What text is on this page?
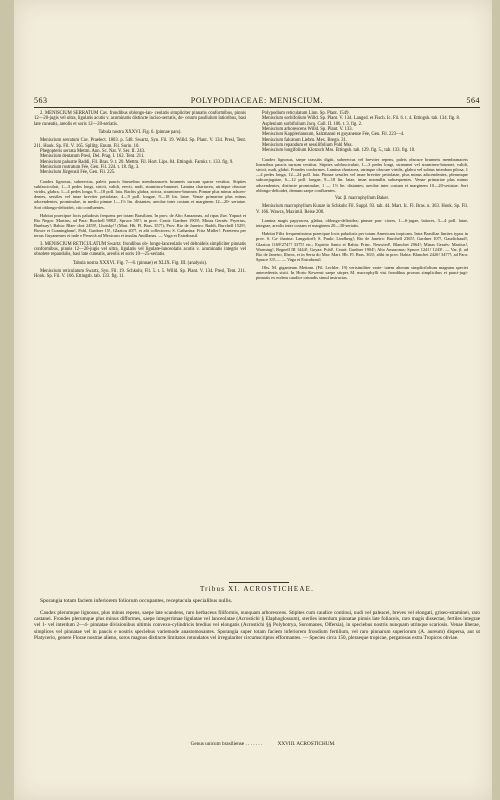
563	POLYPODIACEAE: MENISCIUM.	564

2. MENISCIUM SERRATUM Cav. frondibus oblongo-lan- ceolatis simpliciter pinnatis conformibus, pinnis 12—20-jugis vel ultra, ligulatis acutis v. acuminatis distincte inciso-serratis, de- orsum paullulum latioribus, basi late cuneatis, areolis et soris 12—20-seriatis.

Tabula nostra XXXVI. Fig. 6. (pinnae pars).

Meniscium serratum Cav. Praelect. 1803. p. 548. Swartz, Syn. Fil. 19. Willd. Sp. Plant. V. 134. Presl, Tent. 211. Hook. Sp. Fil. V. 165. Spllitg. Enum. Fil. Surin. 10.

Phegopteris serrata Mettm. Ann. Sc. Nat. V. Ser. II. 243.

Meniscium dentatum Presl, Del. Prag. I. 162. Tent. 211.

Meniscium palustre Raddi, Fil. Bras. 9. t. 20. Mettm. Fil. Hort. Lips. 84. Ettingsh. Farnkr. t. 133. fig. 9.

Meniscium rostratum Fée, Gen. Fil. 224. t. 18. fig. 3.

Meniscium Jürgensii Fée, Gen. Fil. 225.

Caudex lignosus, suberectus, paleis paucis linearibus membranaceis brunneis sursum sparse vestitus. Stipites subfasciculati, 1—3 pedes longi, stricti, validi, erecti, nudi, straminco-brunnei. Lamina chartacea, utrinque obscure viridis, glabra, 1—4 pedes longa, 9—18 poll. lata. Rachis glabra, stricta, stramineo-brunnea. Pinnae plus minus adscen- dentes, sessiles vel imae breviter petiolatae, 4—9 poll. longae, 9—18 lin. latae. Venae primariae plus minus adscendentes, prominulae, in medio pinnae 1—1½ lin. distantes; areolae inter costam et marginem 12—20- seriatae. Sori oblongo-deltoidei, cito confluentes.

Habitat praecipue locis paludosis frequens per totam Brasiliam. In prov. de Alto Amazonas, ad ripas fluv. Yapurá et Rio Negro: Martius; ad Para: Burchell 9882!, Spruce 50!!; in prov. Cearà: Gardner 1903!; Minas Geraës: Pryerius, Bunbury!; Bahia: Blan- chet 2459!, Lhotsky!! (Mart. Hb. Fl. Bras. 357!); Prov. Rio de Janeiro: Raddi, Burchell 1529!, Bowie et Cunningham!, Pohl, Gardner 15!, Glaziou 407!, et alii collectores; S. Catharina: Fritz Müller!. Praeterea per terras Guyanenses et inde e Peruvià ad Mexicum et insulas Antillanas. — Vaga et Extrabrasil.

3. MENISCIUM RETICULATUM Swartz: frondibus ob- longo-lanceolatis vel deltoideis simpliciter pinnatis conformibus, pinnis 12—20-jugis vel ultra, ligulatis vel ligulate-lanceolatis acutis v. acuminatis integris vel obsolete repandulis, basi late cuneatis, areolis et soris 10—25-seriatis.

Tabula nostra XXXVI. Fig. 7—8. (pinnae) et XLIX. Fig. III. (analysis).

Meniscium reticulatum Swartz, Syn. Fil. 19. Schkuhr, Fil. 5. t. 5. Willd. Sp. Plant. V. 134. Presl, Tent. 211. Hook. Sp. Fil. V. 166. Ettingsh. tab. 133. fig. 11.

Polypodium reticulatum Linn. Sp. Plant. 1549.

Meniscium sorbifolium Willd. Sp. Plant. V. 134. Langsd. et Fisch. Ic. Fil. 6. t. 4. Ettingsh. tab. 134. fig. 8.

Asplenium sorbifolium Jacq. Coll. II. 106. t. 3. fig. 2.

Meniscium arborescens Willd. Sp. Plant. V. 133.

Meniscium Kappleriannum, Salzmanni et guyanense Fée, Gen. Fil. 223—4.

Meniscium falcatum Liebm. Mex. Bregn. 31.

Meniscium repandum et sessilifolium Pohl Mss.

Meniscium longifolium Klotzsch Mss. Ettingsh. tab. 129. fig. 5., tab. 133. fig. 10.

Caudex lignosus, saepe crassiŭs digiti, suberectus vel breviter repens, paleis obscure brunneis membranaceis linearibus paucis sursum vestitus. Stipites subfasciculati, 1—3 pedes longi, strammei vel stramineo-brunnei, validi, stricti, nudi, glabri. Frondes conformes. Lamina chartacea, utrinque obscure viridis, glabra vel subtus interdum pilosa, 1—4 pedes longa, 12—24 poll. lata. Pinnae sessiles vel imae breviter petiolatae, plus minus adscendentes, plerumque subconjugatae, 6—12 poll. longae, 9—18 lin. latae, imae nonnullis subsequentes. Venae primariae plus minus adscendentes, distincte prominulae, 1 — 1½ lin. distantes; areolae inter costam et marginem 10—20-seriatae. Sori oblongo-deltoidei, demum saepe confluentes.

Var. β. macrophyllum Baker.

Meniscium macrophyllum Kunze in Schkuhr Fil. Suppl. 93. tab. 44. Mart. Ic. Fl. Bras. n. 363. Hook. Sp. Fil. V. 166. Wawra, Maximil. Reise 208.

Lamina magis papyracea, glabra, oblongo-deltoidea; pinnae pau- ciores, 1—6-jugae, latiores, 3—4 poll. latae, integrae, areolis inter costam et marginem 20—30-seriatis.

Habitat Filix frequentissima praecipue locis paludosis per totam Americam tropicam. Intra Brasiliae limites typus in prov. S. Ca- tharina: Langsdorff; S. Paulo: Lindberg!; Rio de Janeiro: Burchell 2365!, Gardner 107!, Gaudichaud!, Glaziou 1169!2747! 3375! etc.; Espirito Santo et Bahia: Princ. Neuwied!, Blanchet 2964!; Minas Geraës: Martius!, Warming!, Regnell III 1444!; Goyaz: Pohl!, Cearà: Gardner 1904!; Alto Amazonas: Spruce 1241! 1243!. — Var. β. ad Rio de Janeiro, Ilheos, et in Serra do Mar: Mart. Hb. Fl. Bras. 363!; alibi in prov. Bahia: Blanchet 2426! 3477!; ad Para: Spruce 33!—. — Vaga et Extrabrasil.

Obs. M. giganteum Mettnm. (Fil. Lechler. 19) verisimiliter varie- tatem alteram simplicifolium magnam speciei antecedentis sistit. In Horto Kewensi saepe stirpes M. macrophylli visi frondibus prorsus simplicibus et pauci-jugi-pinnatis ex eodem caudice oriundis simul instructas.

Tribus XI. ACROSTICHEAE.

Sporangia totam faciem inferiorem foliorum occupantes, receptacula specialibus nullis.

Caudex plerumque lignosus, plus minus repens, saepe late scandens, raro herbaceus filiformis, nunquam arborescens. Stipites cum caudice continui, nudi vel paleacei, breves vel elongati, griseo-straminei, raro castanei. Frondes plerumque plus minus difformes, saepe integerrimae ligulatae vel lanceolatae (Acrostichi § Elaphoglossum), steriles interdum pinnatae pinnis late foliaceis, raro magis dissectae, fertiles integrae vel 1- vel interdum 2—4- pinnatae divisionibus ultimis convexo-cylindricis bredius vel elongatis (Acrostichi §§ Polybotrya, Soromanes, Olfersia), in speciebus nostris nunquam utrinque scariosis. Venae liberae, simplices vel pinnatae vel in paucis e nostris speciebus variemode anastomosantes. Sporangia super totam faciem inferiorem frondium fertilium, vel raro pinnarum superiorum (A. aureum) dispersa, aut ut Platycerio, genere Florae nostrae alieno, soros magnos distincte limitatos rotundatos vel irregulariter circumscriptos efformantes. — Species circa 150, pleraeque tropicae, pergatosas extra Tropicos obviae.

Genus unicum brasiliense . . . . . . .	XXVIII. ACROSTICHUM.
